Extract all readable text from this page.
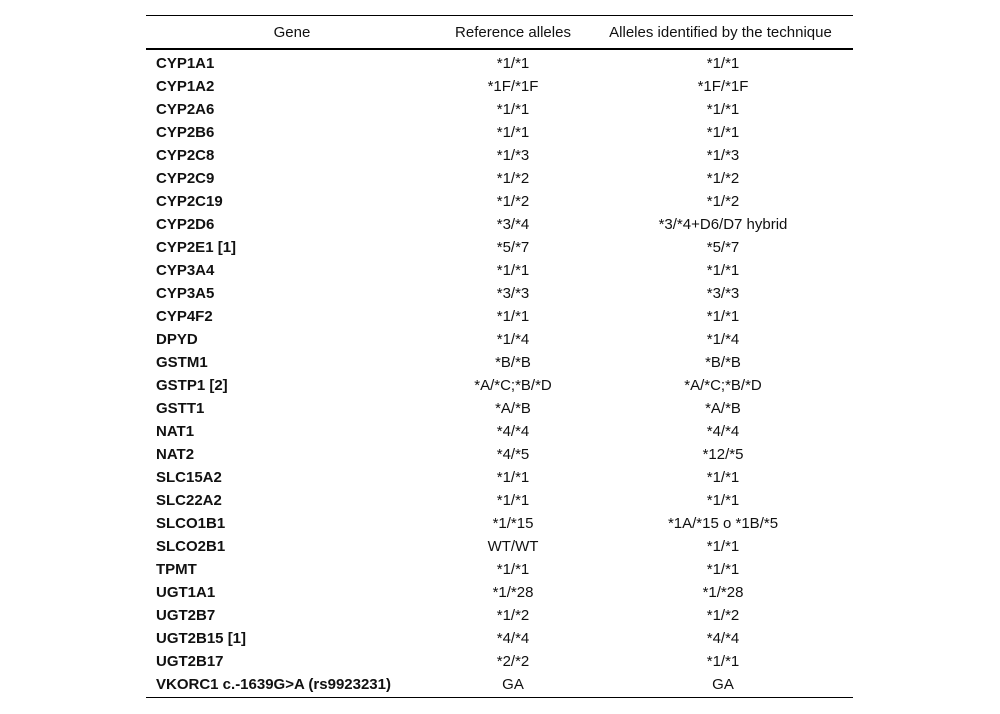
Gene	Reference alleles	Alleles identified by the technique
CYP1A1	*1/*1	*1/*1
CYP1A2	*1F/*1F	*1F/*1F
CYP2A6	*1/*1	*1/*1
CYP2B6	*1/*1	*1/*1
CYP2C8	*1/*3	*1/*3
CYP2C9	*1/*2	*1/*2
CYP2C19	*1/*2	*1/*2
CYP2D6	*3/*4	*3/*4+D6/D7 hybrid
CYP2E1 [1]	*5/*7	*5/*7
CYP3A4	*1/*1	*1/*1
CYP3A5	*3/*3	*3/*3
CYP4F2	*1/*1	*1/*1
DPYD	*1/*4	*1/*4
GSTM1	*B/*B	*B/*B
GSTP1 [2]	*A/*C;*B/*D	*A/*C;*B/*D
GSTT1	*A/*B	*A/*B
NAT1	*4/*4	*4/*4
NAT2	*4/*5	*12/*5
SLC15A2	*1/*1	*1/*1
SLC22A2	*1/*1	*1/*1
SLCO1B1	*1/*15	*1A/*15 o *1B/*5
SLCO2B1	WT/WT	*1/*1
TPMT	*1/*1	*1/*1
UGT1A1	*1/*28	*1/*28
UGT2B7	*1/*2	*1/*2
UGT2B15 [1]	*4/*4	*4/*4
UGT2B17	*2/*2	*1/*1
VKORC1 c.-1639G>A (rs9923231)	GA	GA
